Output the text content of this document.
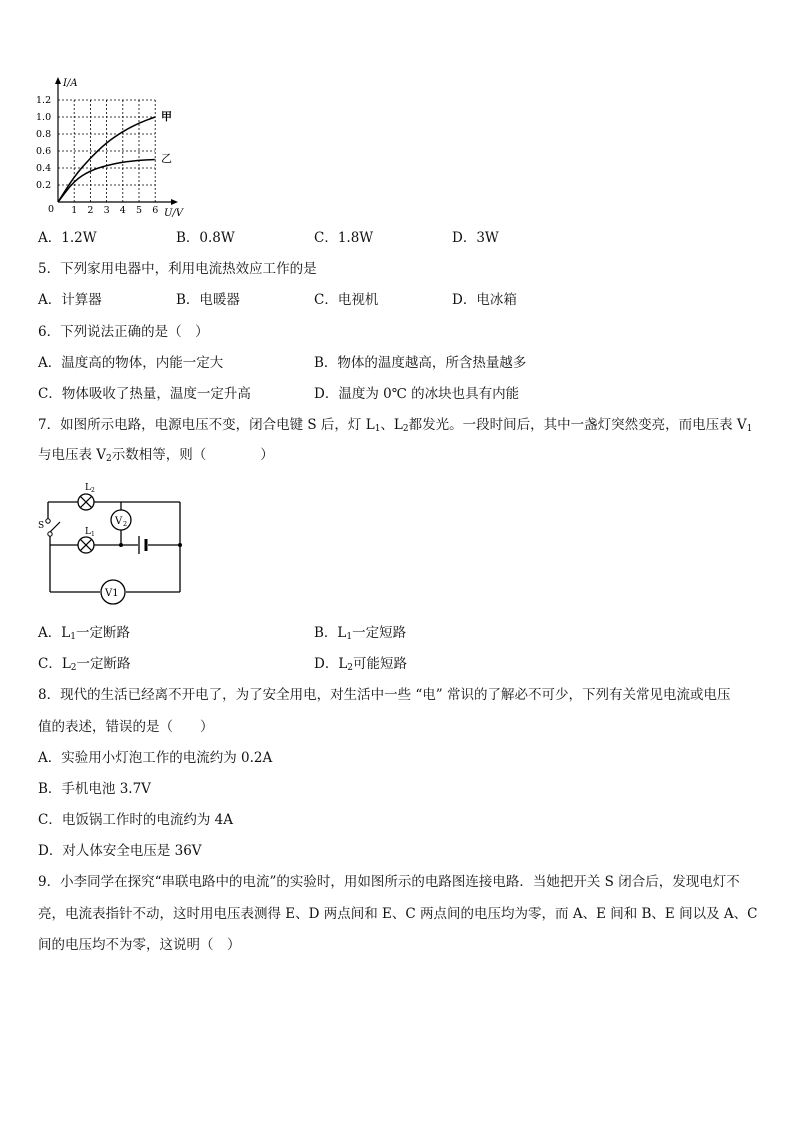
1 2 3 4 5 6
0.2
0.4
0.6
0.8
1.0
1.2
I/A
U/V
0
甲
乙
A．1.2W	B．0.8W	C．1.8W	D．3W
5．下列家用电器中，利用电流热效应工作的是
A．计算器	B．电暖器	C．电视机	D．电冰箱
6．下列说法正确的是（　）
A．温度高的物体，内能一定大	B．物体的温度越高，所含热量越多
C．物体吸收了热量，温度一定升高	D．温度为 0℃ 的冰块也具有内能
7．如图所示电路，电源电压不变，闭合电键 S 后，灯 $L_1$、$L_2$都发光。一段时间后，其中一盏灯突然变亮，而电压表 $V_1$
与电压表 $V_2$示数相等，则（　　　　）
V 2
V1
$L_2$
$L_1$
S
A．$L_1$一定断路	B．$L_1$一定短路
C．$L_2$一定断路	D．$L_2$可能短路
8．现代的生活已经离不开电了，为了安全用电，对生活中一些 “电” 常识的了解必不可少，下列有关常见电流或电压
值的表述，错误的是（　　）
A．实验用小灯泡工作的电流约为 0.2A
B．手机电池 3.7V
C．电饭锅工作时的电流约为 4A
D．对人体安全电压是 36V
9．小李同学在探究“串联电路中的电流”的实验时，用如图所示的电路图连接电路．当她把开关 S 闭合后，发现电灯不
亮，电流表指针不动，这时用电压表测得 E、D 两点间和 E、C 两点间的电压均为零，而 A、E 间和 B、E 间以及 A、C
间的电压均不为零，这说明（　）
